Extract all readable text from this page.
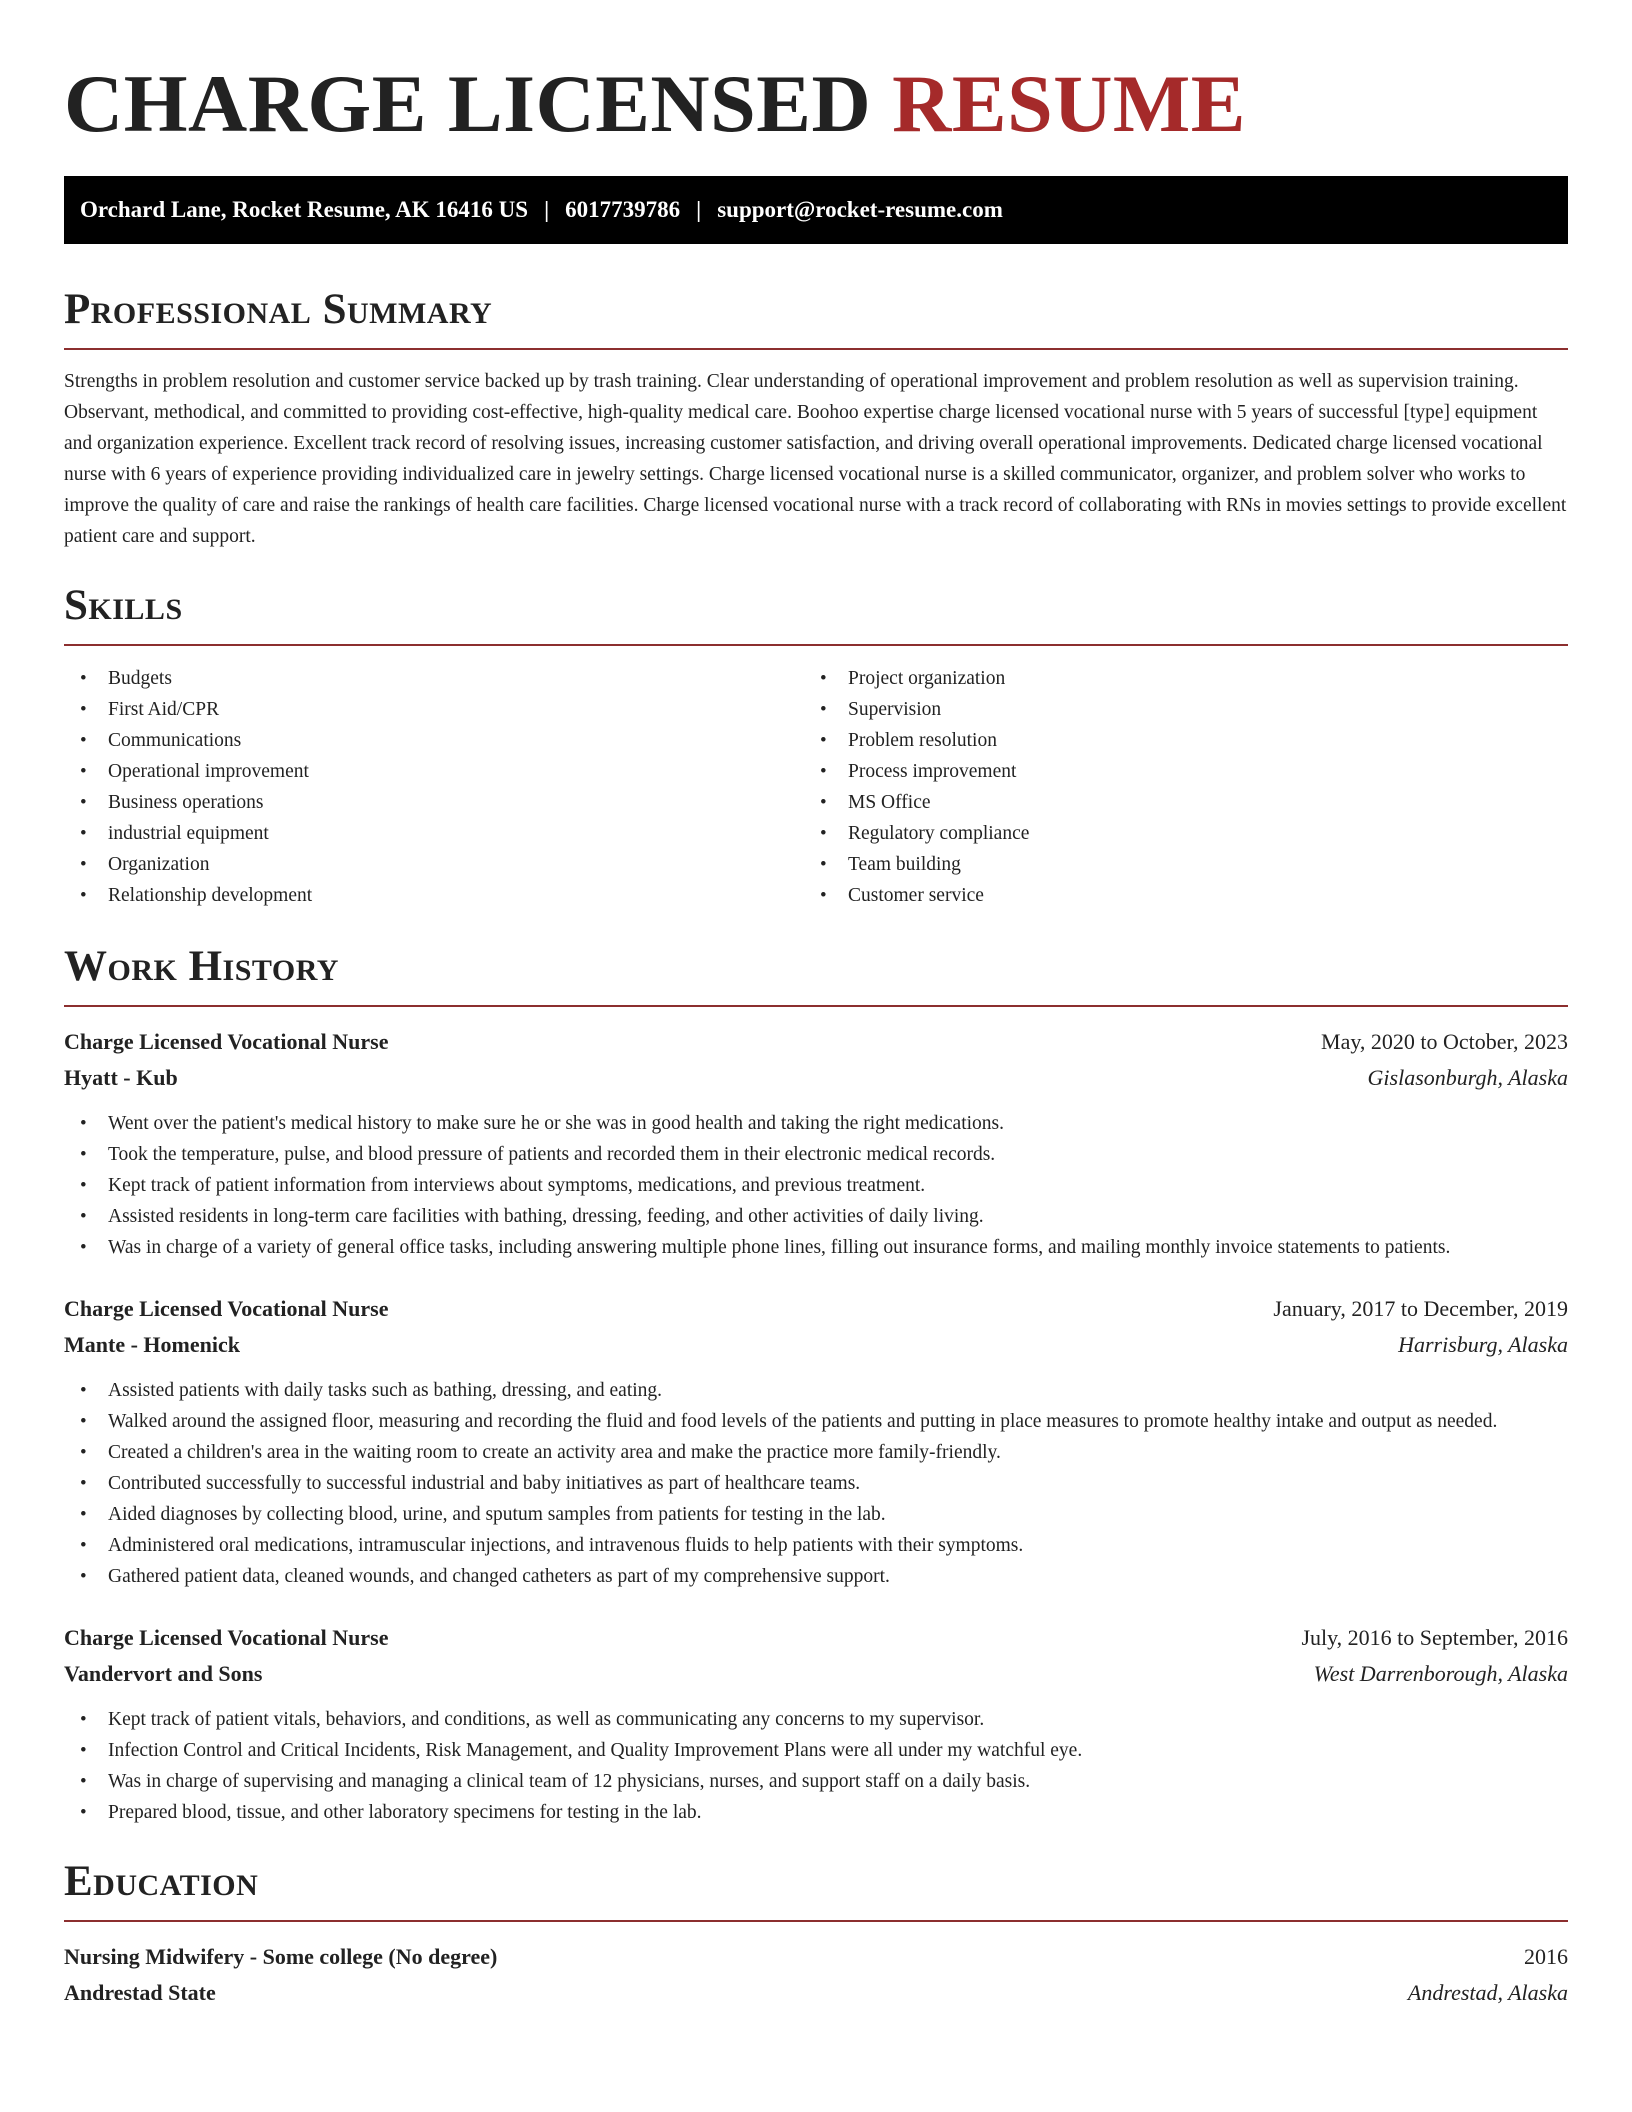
CHARGE LICENSED RESUME
Orchard Lane, Rocket Resume, AK 16416 US | 6017739786 | support@rocket-resume.com
Professional Summary

Strengths in problem resolution and customer service backed up by trash training. Clear understanding of operational improvement and problem resolution as well as supervision training. Observant, methodical, and committed to providing cost-effective, high-quality medical care. Boohoo expertise charge licensed vocational nurse with 5 years of successful [type] equipment and organization experience. Excellent track record of resolving issues, increasing customer satisfaction, and driving overall operational improvements. Dedicated charge licensed vocational nurse with 6 years of experience providing individualized care in jewelry settings. Charge licensed vocational nurse is a skilled communicator, organizer, and problem solver who works to improve the quality of care and raise the rankings of health care facilities. Charge licensed vocational nurse with a track record of collaborating with RNs in movies settings to provide excellent patient care and support.

Skills
• Budgets
• First Aid/CPR
• Communications
• Operational improvement
• Business operations
• industrial equipment
• Organization
• Relationship development
• Project organization
• Supervision
• Problem resolution
• Process improvement
• MS Office
• Regulatory compliance
• Team building
• Customer service
Work History
Charge Licensed Vocational Nurse	May, 2020 to October, 2023
Hyatt - Kub	Gislasonburgh, Alaska
• Went over the patient's medical history to make sure he or she was in good health and taking the right medications.
• Took the temperature, pulse, and blood pressure of patients and recorded them in their electronic medical records.
• Kept track of patient information from interviews about symptoms, medications, and previous treatment.
• Assisted residents in long-term care facilities with bathing, dressing, feeding, and other activities of daily living.
• Was in charge of a variety of general office tasks, including answering multiple phone lines, filling out insurance forms, and mailing monthly invoice statements to patients.
Charge Licensed Vocational Nurse	January, 2017 to December, 2019
Mante - Homenick	Harrisburg, Alaska
• Assisted patients with daily tasks such as bathing, dressing, and eating.
• Walked around the assigned floor, measuring and recording the fluid and food levels of the patients and putting in place measures to promote healthy intake and output as needed.
• Created a children's area in the waiting room to create an activity area and make the practice more family-friendly.
• Contributed successfully to successful industrial and baby initiatives as part of healthcare teams.
• Aided diagnoses by collecting blood, urine, and sputum samples from patients for testing in the lab.
• Administered oral medications, intramuscular injections, and intravenous fluids to help patients with their symptoms.
• Gathered patient data, cleaned wounds, and changed catheters as part of my comprehensive support.
Charge Licensed Vocational Nurse	July, 2016 to September, 2016
Vandervort and Sons	West Darrenborough, Alaska
• Kept track of patient vitals, behaviors, and conditions, as well as communicating any concerns to my supervisor.
• Infection Control and Critical Incidents, Risk Management, and Quality Improvement Plans were all under my watchful eye.
• Was in charge of supervising and managing a clinical team of 12 physicians, nurses, and support staff on a daily basis.
• Prepared blood, tissue, and other laboratory specimens for testing in the lab.
Education
Nursing Midwifery - Some college (No degree)	2016
Andrestad State	Andrestad, Alaska
